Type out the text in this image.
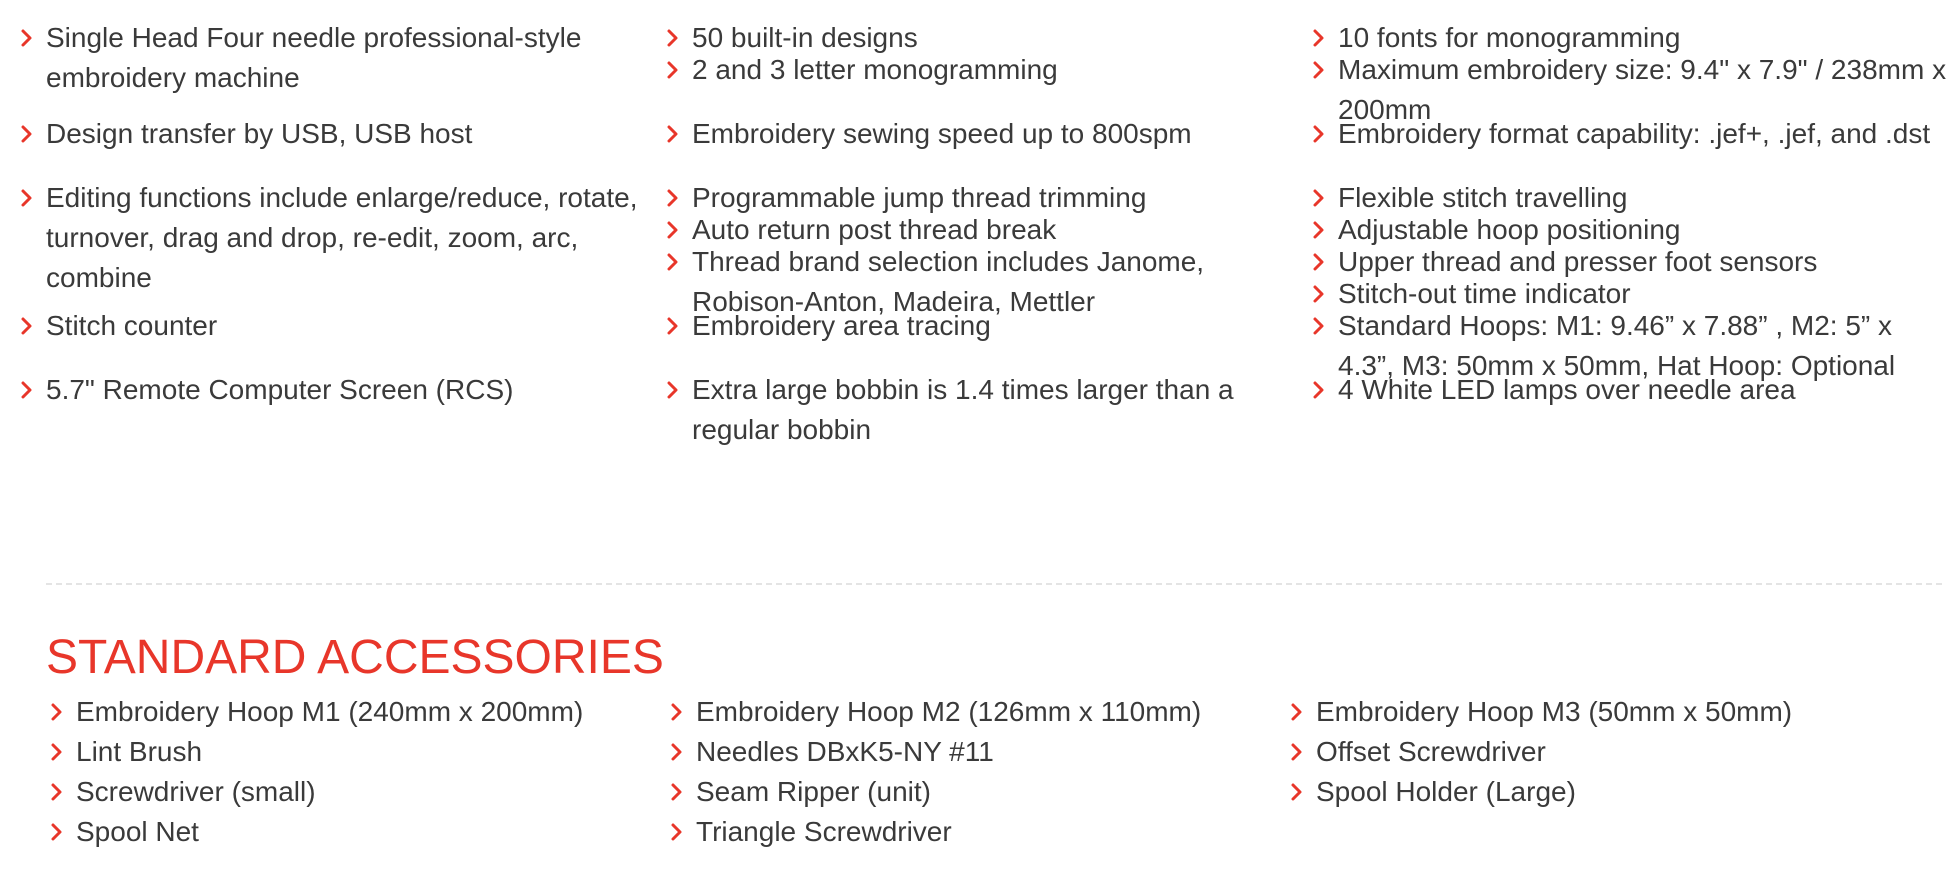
Single Head Four needle professional-style embroidery machine
Design transfer by USB, USB host
Editing functions include enlarge/reduce, rotate, turnover, drag and drop, re-edit, zoom, arc, combine
Stitch counter
5.7" Remote Computer Screen (RCS)
50 built-in designs
2 and 3 letter monogramming
Embroidery sewing speed up to 800spm
Programmable jump thread trimming
Auto return post thread break
Thread brand selection includes Janome, Robison-Anton, Madeira, Mettler
Embroidery area tracing
Extra large bobbin is 1.4 times larger than a regular bobbin
10 fonts for monogramming
Maximum embroidery size: 9.4" x 7.9" / 238mm x 200mm
Embroidery format capability: .jef+, .jef, and .dst
Flexible stitch travelling
Adjustable hoop positioning
Upper thread and presser foot sensors
Stitch-out time indicator
Standard Hoops: M1: 9.46” x 7.88” , M2: 5” x 4.3”, M3: 50mm x 50mm, Hat Hoop: Optional
4 White LED lamps over needle area
STANDARD ACCESSORIES
Embroidery Hoop M1 (240mm x 200mm)
Lint Brush
Screwdriver (small)
Spool Net
Embroidery Hoop M2 (126mm x 110mm)
Needles DBxK5-NY #11
Seam Ripper (unit)
Triangle Screwdriver
Embroidery Hoop M3 (50mm x 50mm)
Offset Screwdriver
Spool Holder (Large)
